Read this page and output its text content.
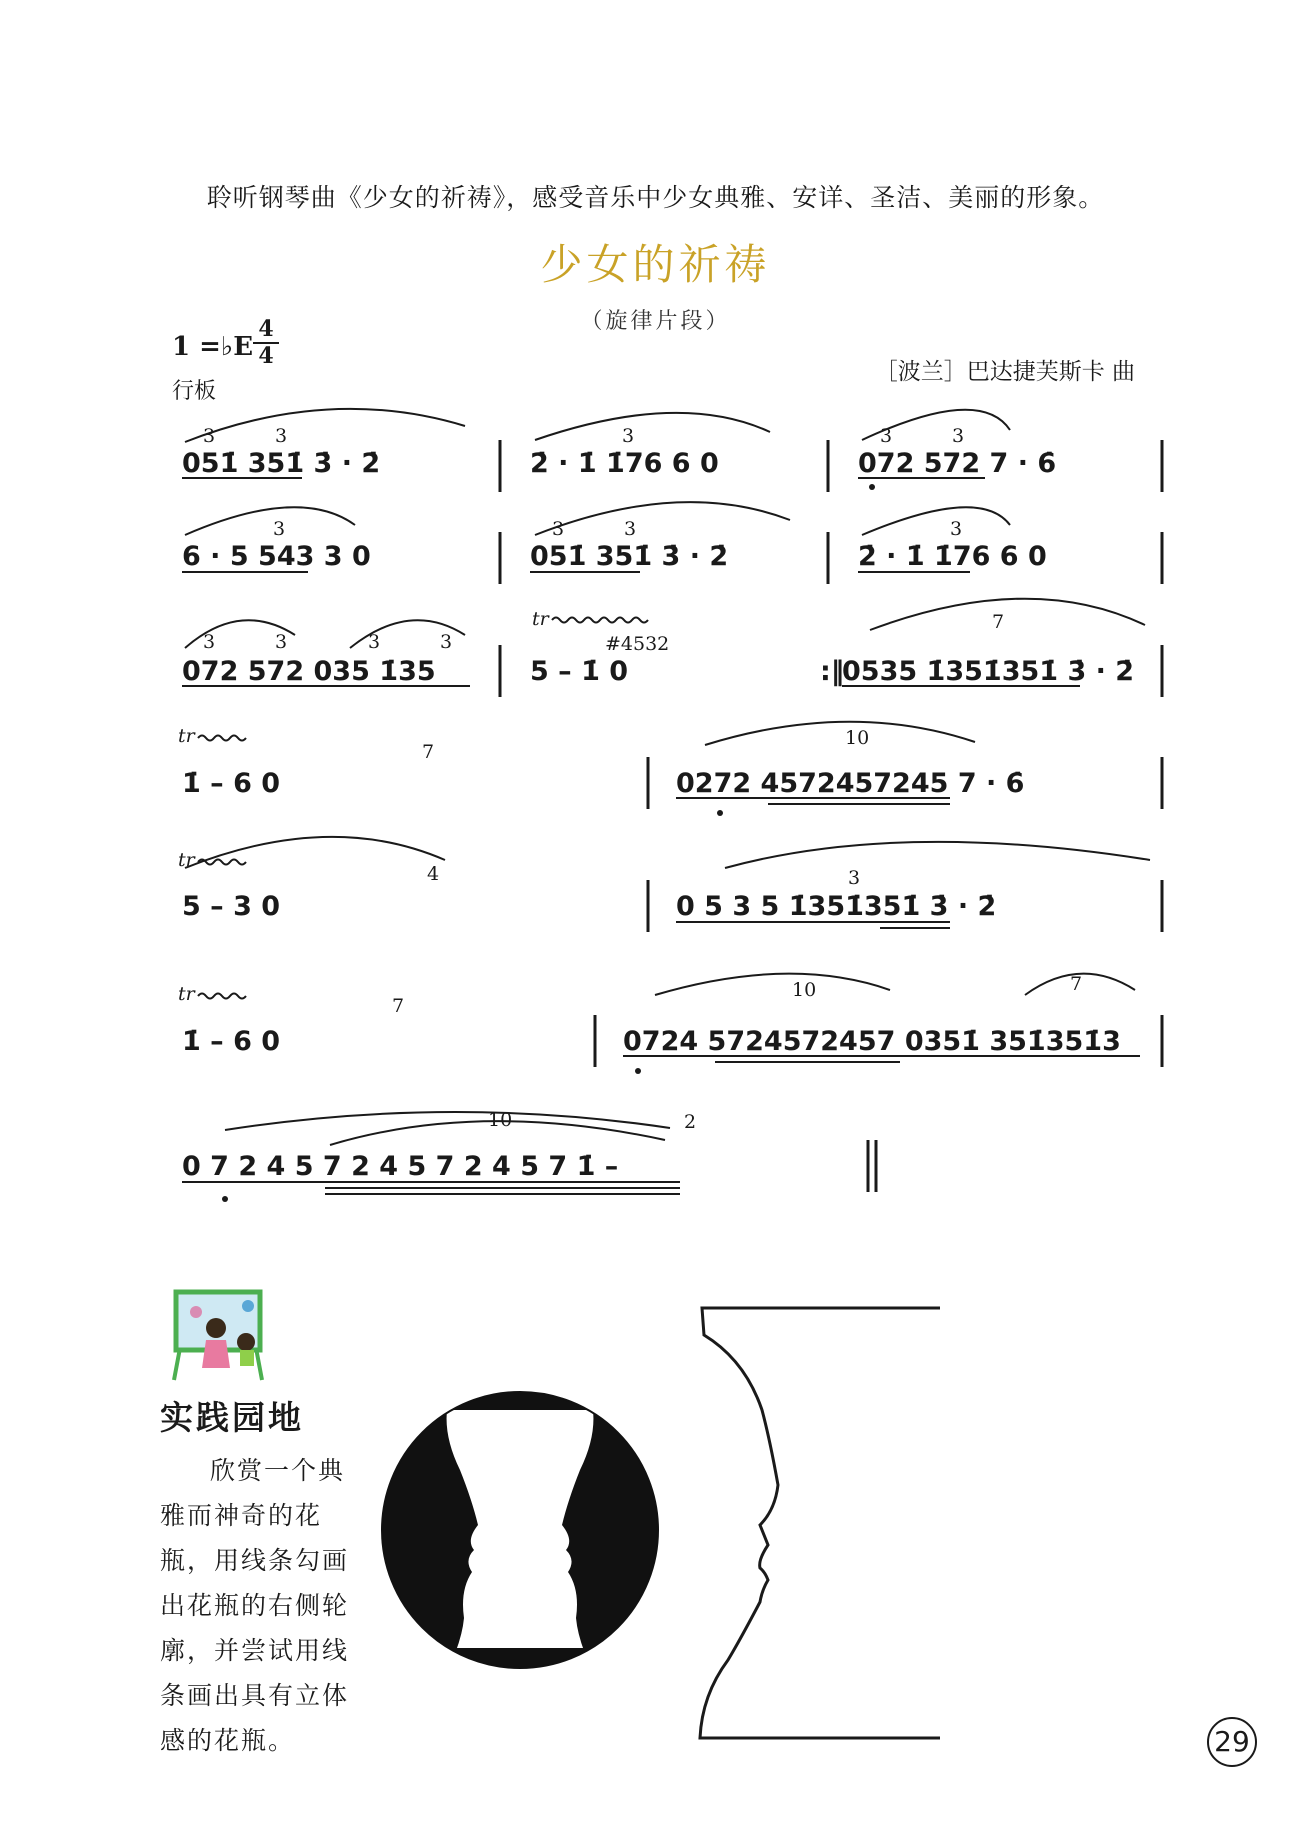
聆听钢琴曲《少女的祈祷》，感受音乐中少女典雅、安详、圣洁、美丽的形象。
少女的祈祷
（旋律片段）
1 =♭E
4
4
行板
［波兰］巴达捷芙斯卡 曲
3	3
051̇ 351̇ 3̇ · 2̇
3
2̇ · 1̇ 1̇76 6 0
3	3
072 572 7 · 6̇
3
6 · 5 543 3 0
3	3
051̇ 351̇ 3̇ · 2̇
3
2̇ · 1̇ 1̇76 6 0
3	3	3	3
072 572 035 1̇35
tr
#4532
5 – 1̇ 0	:‖
7
0535 1̇351̇351̇ 3̇ · 2̇
tr
7
1̇ – 6 0
10
0272 4572457245 7 · 6̇
tr
4
5 – 3 0
3
0 5 3 5 1̇351̇351̇ 3̇ · 2̇
tr
7
1̇ – 6 0
10	7
0724 5724572457 0351̇ 351̇351̇3
10	2
0 7 2 4 5 7 2 4 5 7 2 4 5 7 1̇ –
实践园地
欣赏一个典雅而神奇的花瓶，用线条勾画出花瓶的右侧轮廓，并尝试用线条画出具有立体感的花瓶。	29
